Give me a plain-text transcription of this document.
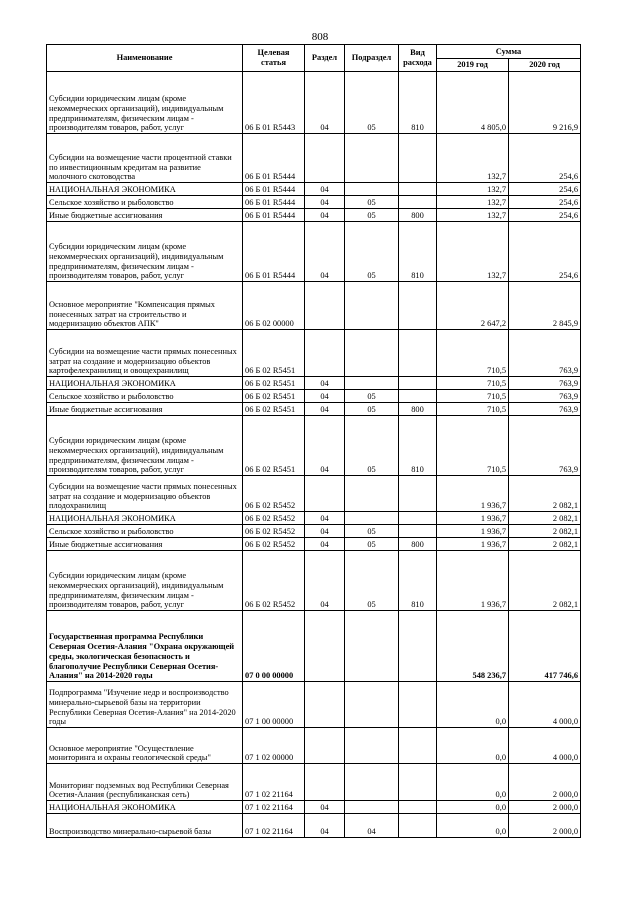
808
Наименование	Целевая статья	Раздел	Подраздел	Вид расхода	Сумма	
					2019 год	2020 год
Субсидии юридическим лицам (кроме некоммерческих организаций), индивидуальным предпринимателям, физическим лицам - производителям товаров, работ, услуг	06 Б 01 R5443	04	05	810	4 805,0	9 216,9
Субсидии на возмещение части процентной ставки по инвестиционным кредитам на развитие молочного скотоводства	06 Б 01 R5444				132,7	254,6
НАЦИОНАЛЬНАЯ ЭКОНОМИКА	06 Б 01 R5444	04			132,7	254,6
Сельское хозяйство и рыболовство	06 Б 01 R5444	04	05		132,7	254,6
Иные бюджетные ассигнования	06 Б 01 R5444	04	05	800	132,7	254,6
Субсидии юридическим лицам (кроме некоммерческих организаций), индивидуальным предпринимателям, физическим лицам - производителям товаров, работ, услуг	06 Б 01 R5444	04	05	810	132,7	254,6
Основное мероприятие "Компенсация прямых понесенных затрат на строительство и модернизацию объектов АПК"	06 Б 02 00000				2 647,2	2 845,9
Субсидии на возмещение части прямых понесенных затрат на создание и модернизацию объектов картофелехранилищ и овощехранилищ	06 Б 02 R5451				710,5	763,9
НАЦИОНАЛЬНАЯ ЭКОНОМИКА	06 Б 02 R5451	04			710,5	763,9
Сельское хозяйство и рыболовство	06 Б 02 R5451	04	05		710,5	763,9
Иные бюджетные ассигнования	06 Б 02 R5451	04	05	800	710,5	763,9
Субсидии юридическим лицам (кроме некоммерческих организаций), индивидуальным предпринимателям, физическим лицам - производителям товаров, работ, услуг	06 Б 02 R5451	04	05	810	710,5	763,9
Субсидии на возмещение части прямых понесенных затрат на создание и модернизацию объектов плодохранилищ	06 Б 02 R5452				1 936,7	2 082,1
НАЦИОНАЛЬНАЯ ЭКОНОМИКА	06 Б 02 R5452	04			1 936,7	2 082,1
Сельское хозяйство и рыболовство	06 Б 02 R5452	04	05		1 936,7	2 082,1
Иные бюджетные ассигнования	06 Б 02 R5452	04	05	800	1 936,7	2 082,1
Субсидии юридическим лицам (кроме некоммерческих организаций), индивидуальным предпринимателям, физическим лицам - производителям товаров, работ, услуг	06 Б 02 R5452	04	05	810	1 936,7	2 082,1
Государственная программа Республики Северная Осетия-Алания "Охрана окружающей среды, экологическая безопасность и благополучие Республики Северная Осетия-Алания" на 2014-2020 годы	07 0 00 00000				548 236,7	417 746,6
Подпрограмма "Изучение недр и воспроизводство минерально-сырьевой базы на территории Республики Северная Осетия-Алания" на 2014-2020 годы	07 1 00 00000				0,0	4 000,0
Основное мероприятие "Осуществление мониторинга и охраны геологической среды"	07 1 02 00000				0,0	4 000,0
Мониторинг подземных вод Республики Северная Осетия-Алания (республиканская сеть)	07 1 02 21164				0,0	2 000,0
НАЦИОНАЛЬНАЯ ЭКОНОМИКА	07 1 02 21164	04			0,0	2 000,0
Воспроизводство минерально-сырьевой базы	07 1 02 21164	04	04		0,0	2 000,0
